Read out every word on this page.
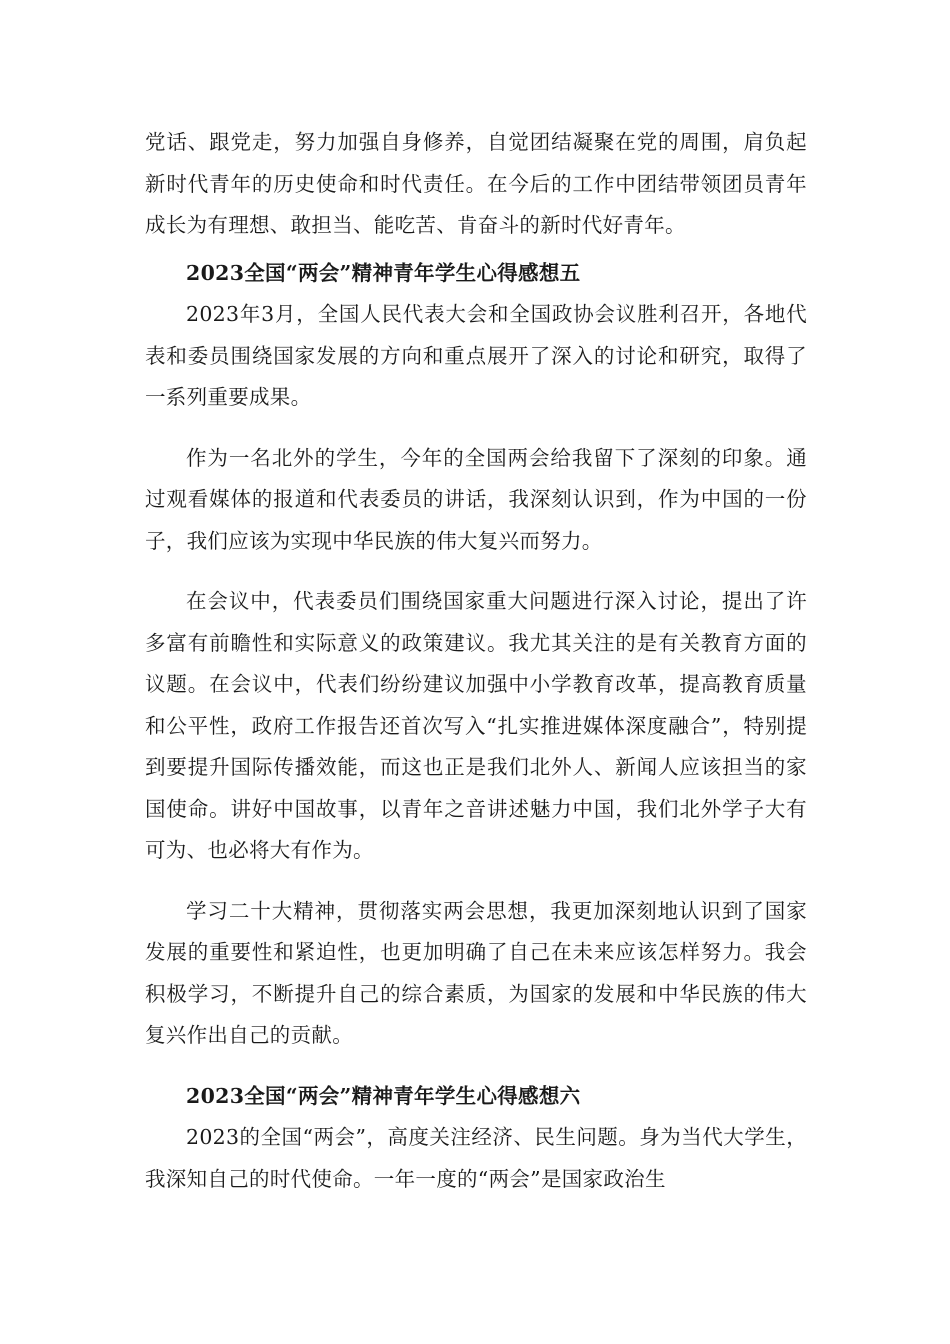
党话、跟党走，努力加强自身修养，自觉团结凝聚在党的周围，肩负起新时代青年的历史使命和时代责任。在今后的工作中团结带领团员青年成长为有理想、敢担当、能吃苦、肯奋斗的新时代好青年。

2023全国“两会”精神青年学生心得感想五

2023年3月，全国人民代表大会和全国政协会议胜利召开，各地代表和委员围绕国家发展的方向和重点展开了深入的讨论和研究，取得了一系列重要成果。

作为一名北外的学生，今年的全国两会给我留下了深刻的印象。通过观看媒体的报道和代表委员的讲话，我深刻认识到，作为中国的一份子，我们应该为实现中华民族的伟大复兴而努力。

在会议中，代表委员们围绕国家重大问题进行深入讨论，提出了许多富有前瞻性和实际意义的政策建议。我尤其关注的是有关教育方面的议题。在会议中，代表们纷纷建议加强中小学教育改革，提高教育质量和公平性，政府工作报告还首次写入“扎实推进媒体深度融合”，特别提到要提升国际传播效能，而这也正是我们北外人、新闻人应该担当的家国使命。讲好中国故事，以青年之音讲述魅力中国，我们北外学子大有可为、也必将大有作为。

学习二十大精神，贯彻落实两会思想，我更加深刻地认识到了国家发展的重要性和紧迫性，也更加明确了自己在未来应该怎样努力。我会积极学习，不断提升自己的综合素质，为国家的发展和中华民族的伟大复兴作出自己的贡献。

2023全国“两会”精神青年学生心得感想六

2023的全国“两会”，高度关注经济、民生问题。身为当代大学生，我深知自己的时代使命。一年一度的“两会”是国家政治生
